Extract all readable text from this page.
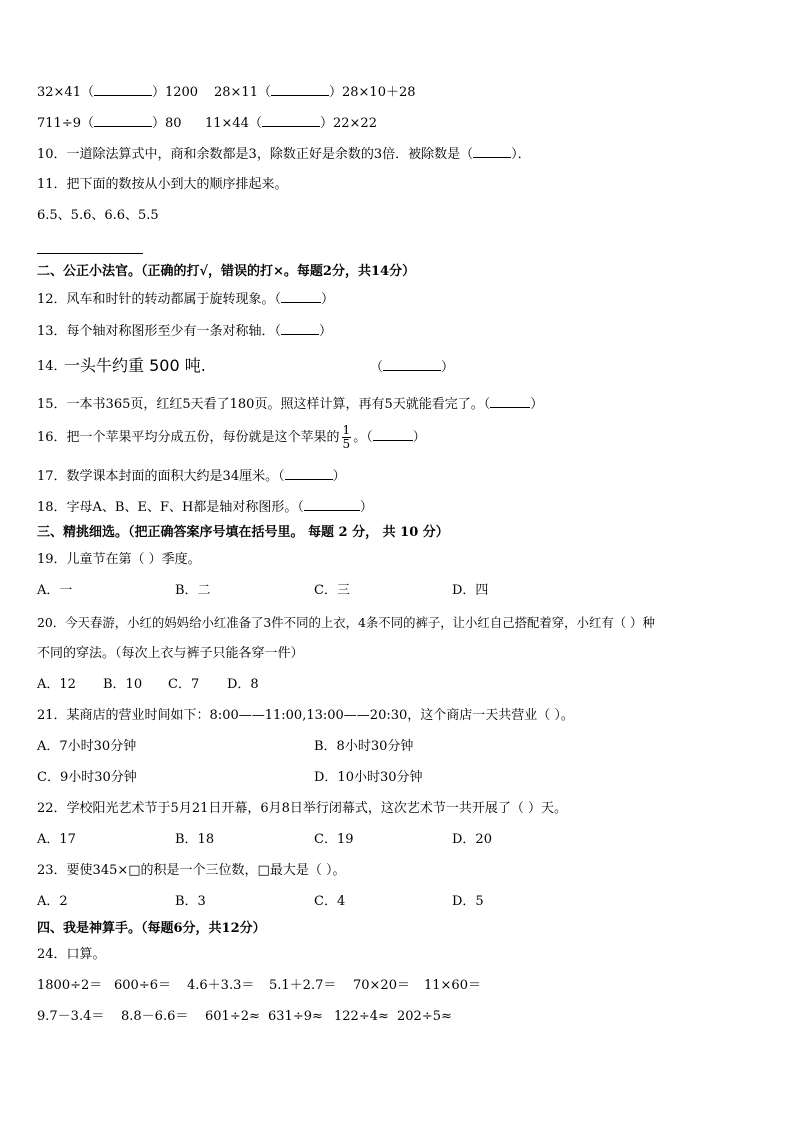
32×41（	）1200 28×11（	）28×10＋28
711÷9（	）80 11×44（	）22×22
10．一道除法算式中，商和余数都是3，除数正好是余数的3倍．被除数是（	）．
11．把下面的数按从小到大的顺序排起来。
6.5、5.6、6.6、5.5
二、公正小法官。（正确的打√，错误的打×。每题2分，共14分）
12．风车和时针的转动都属于旋转现象。（	）
13．每个轴对称图形至少有一条对称轴．（	）
14．
一头牛约重 500 吨.	（	）
15．一本书365页，红红5天看了180页。照这样计算，再有5天就能看完了。（	）
16．把一个苹果平均分成五份，每份就是这个苹果的 $\frac{1}{5}$ 。（	）
17．数学课本封面的面积大约是34厘米。（	）
18．字母A、B、E、F、H都是轴对称图形。（	）
三、精挑细选。（把正确答案序号填在括号里。 每题 2 分， 共 10 分）
19．儿童节在第（ ）季度。
A．一	B．二	C．三	D．四
20．今天春游，小红的妈妈给小红准备了3件不同的上衣，4条不同的裤子，让小红自己搭配着穿，小红有（ ）种
不同的穿法。（每次上衣与裤子只能各穿一件）
A．12 B．10 C．7 D．8
21．某商店的营业时间如下：8:00——11:00,13:00——20:30，这个商店一天共营业（ ）。
A．7小时30分钟	B．8小时30分钟
C．9小时30分钟	D．10小时30分钟
22．学校阳光艺术节于5月21日开幕，6月8日举行闭幕式，这次艺术节一共开展了（ ）天。
A．17	B．18	C．19	D．20
23．要使345×□的积是一个三位数，□最大是（ ）。
A．2	B．3	C．4	D．5
四、我是神算手。（每题6分，共12分）
24．口算。
1800÷2＝ 600÷6＝ 4.6＋3.3＝ 5.1＋2.7＝ 70×20＝ 11×60＝
9.7－3.4＝ 8.8－6.6＝ 601÷2≈ 631÷9≈ 122÷4≈ 202÷5≈
